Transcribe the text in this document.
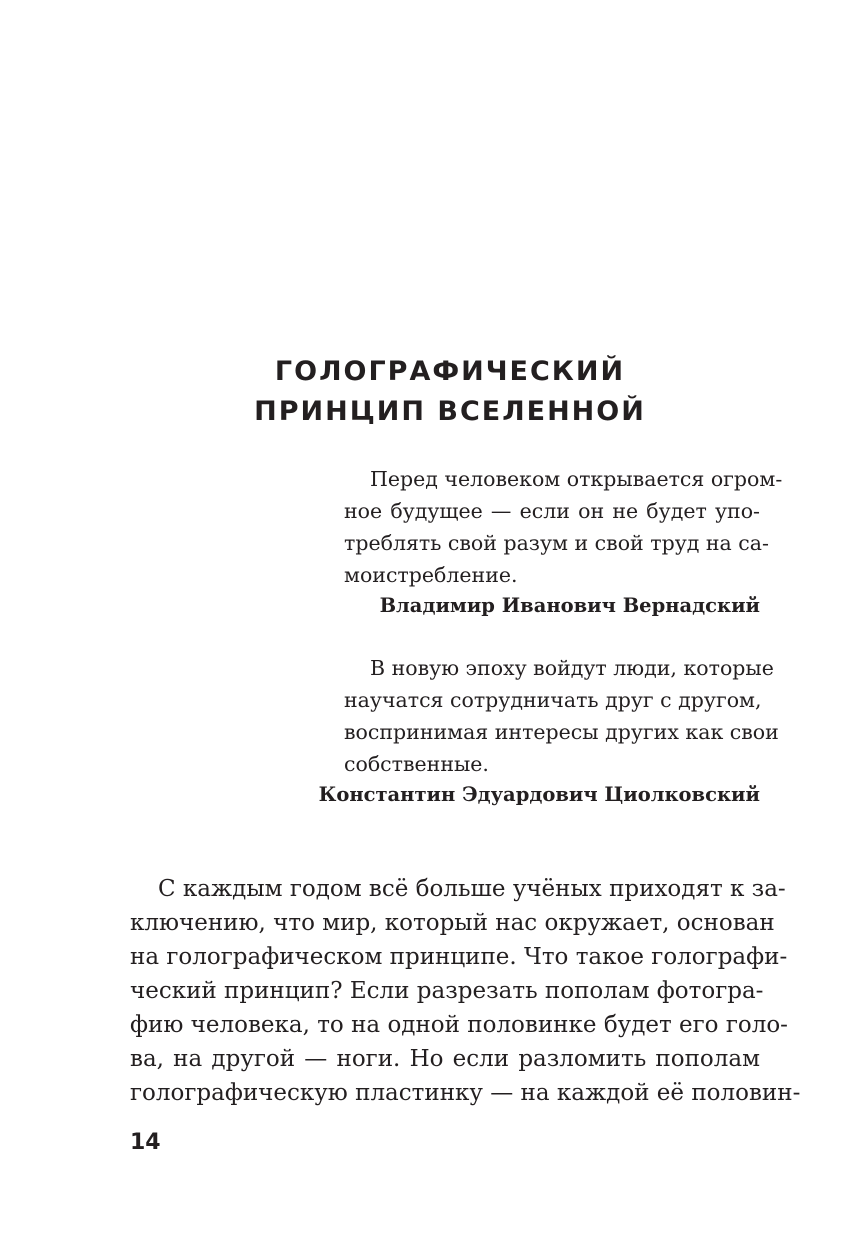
ГОЛОГРАФИЧЕСКИЙ
ПРИНЦИП ВСЕЛЕННОЙ

Перед человеком открывается огром-

ное будущее — если он не будет упо-

треблять свой разум и свой труд на са-

моистребление.

Владимир Иванович Вернадский

В новую эпоху войдут люди, которые

научатся сотрудничать друг с другом,

воспринимая интересы других как свои

собственные.

Константин Эдуардович Циолковский

С каждым годом всё больше учёных приходят к за-

ключению, что мир, который нас окружает, основан

на голографическом принципе. Что такое голографи-

ческий принцип? Если разрезать пополам фотогра-

фию человека, то на одной половинке будет его голо-

ва, на другой — ноги. Но если разломить пополам

голографическую пластинку — на каждой её половин-

14
